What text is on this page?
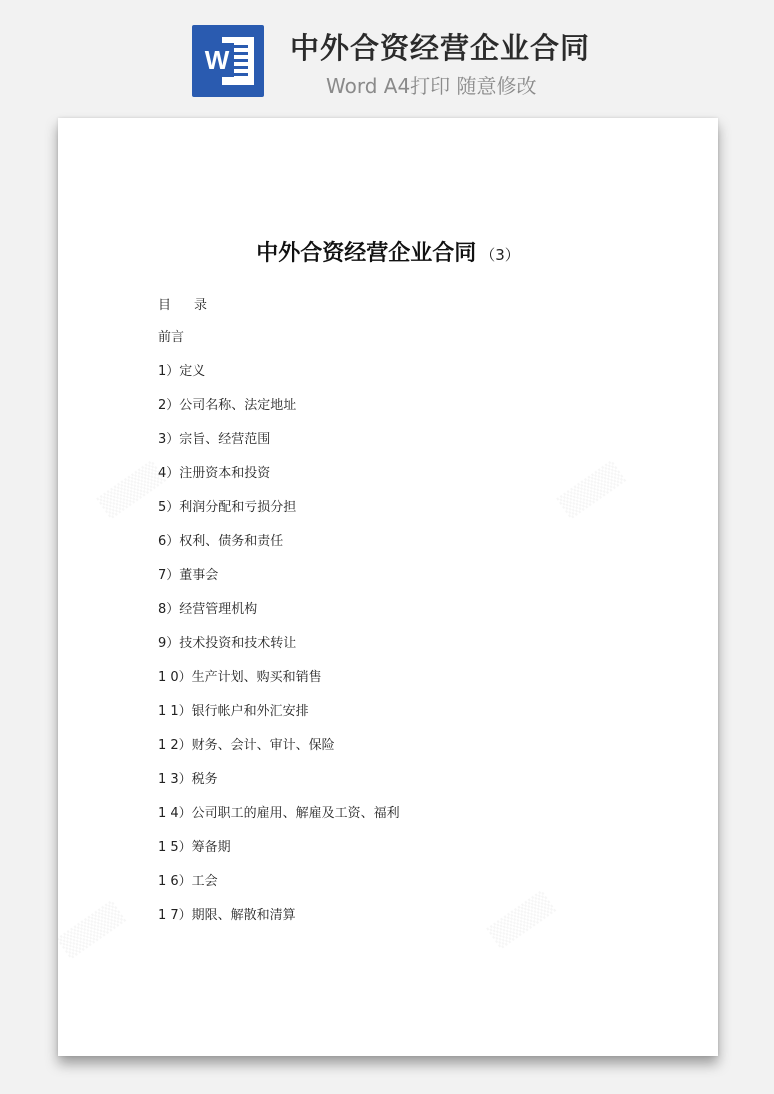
W 中外合资经营企业合同
Word A4打印 随意修改
中外合资经营企业合同 （3）
目 录
前言
1）定义
2）公司名称、法定地址
3）宗旨、经营范围
4）注册资本和投资
5）利润分配和亏损分担
6）权利、债务和责任
7）董事会
8）经营管理机构
9）技术投资和技术转让
1 0）生产计划、购买和销售
1 1）银行帐户和外汇安排
1 2）财务、会计、审计、保险
1 3）税务
1 4）公司职工的雇用、解雇及工资、福利
1 5）筹备期
1 6）工会
1 7）期限、解散和清算
